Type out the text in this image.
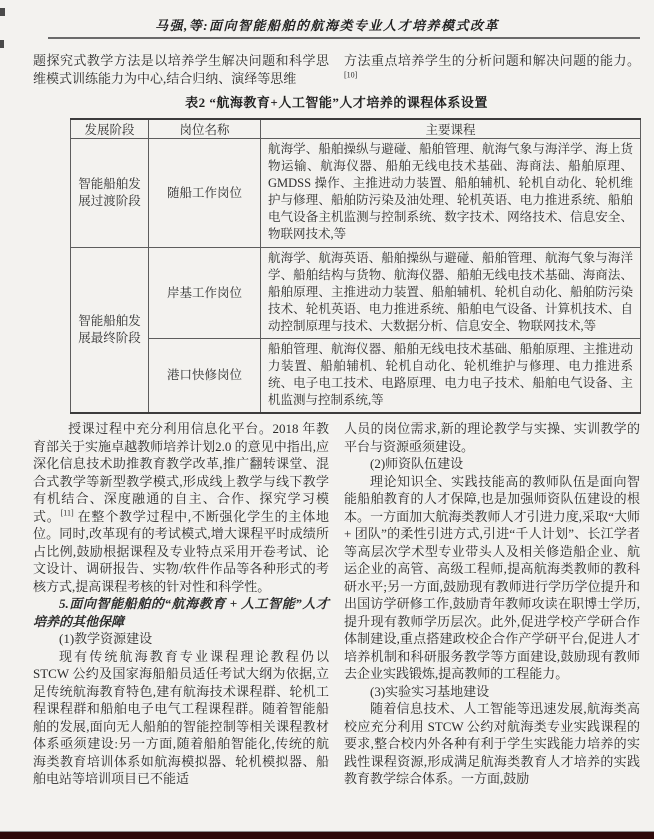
马强,等:面向智能船舶的航海类专业人才培养模式改革

题探究式教学方法是以培养学生解决问题和科学思维模式训练能力为中心,结合归纳、演绎等思维

方法重点培养学生的分析问题和解决问题的能力。[10]

表2 “航海教育+人工智能”人才培养的课程体系设置
发展阶段	岗位名称	主要课程
智能船舶发展过渡阶段	随船工作岗位	航海学、船舶操纵与避碰、船舶管理、航海气象与海洋学、海上货物运输、航海仪器、船舶无线电技术基础、海商法、船舶原理、GMDSS 操作、主推进动力装置、船舶辅机、轮机自动化、轮机维护与修理、船舶防污染及油处理、轮机英语、电力推进系统、船舶电气设备主机监测与控制系统、数字技术、网络技术、信息安全、物联网技术,等
智能船舶发展最终阶段	岸基工作岗位	航海学、航海英语、船舶操纵与避碰、船舶管理、航海气象与海洋学、船舶结构与货物、航海仪器、船舶无线电技术基础、海商法、船舶原理、主推进动力装置、船舶辅机、轮机自动化、船舶防污染技术、轮机英语、电力推进系统、船舶电气设备、计算机技术、自动控制原理与技术、大数据分析、信息安全、物联网技术,等
	港口快修岗位	船舶管理、航海仪器、船舶无线电技术基础、船舶原理、主推进动力装置、船舶辅机、轮机自动化、轮机维护与修理、电力推进系统、电子电工技术、电路原理、电力电子技术、船舶电气设备、主机监测与控制系统,等

授课过程中充分利用信息化平台。2018 年教育部关于实施卓越教师培养计划2.0 的意见中指出,应深化信息技术助推教育教学改革,推广翻转课堂、混合式教学等新型教学模式,形成线上教学与线下教学有机结合、深度融通的自主、合作、探究学习模式。[11] 在整个教学过程中,不断强化学生的主体地位。同时,改革现有的考试模式,增大课程平时成绩所占比例,鼓励根据课程及专业特点采用开卷考试、论文设计、调研报告、实物/软件作品等各种形式的考核方式,提高课程考核的针对性和科学性。

5.面向智能船舶的“航海教育 + 人工智能”人才培养的其他保障

(1)教学资源建设

现有传统航海教育专业课程理论教程仍以STCW 公约及国家海船船员适任考试大纲为依据,立足传统航海教育特色,建有航海技术课程群、轮机工程课程群和船舶电子电气工程课程群。随着智能船舶的发展,面向无人船舶的智能控制等相关课程教材体系亟须建设:另一方面,随着船舶智能化,传统的航海类教育培训体系如航海模拟器、轮机模拟器、船舶电站等培训项目已不能适

人员的岗位需求,新的理论教学与实操、实训教学的平台与资源亟须建设。

(2)师资队伍建设

理论知识全、实践技能高的教师队伍是面向智能船舶教育的人才保障,也是加强师资队伍建设的根本。一方面加大航海类教师人才引进力度,采取“大师 + 团队”的柔性引进方式,引进“千人计划”、长江学者等高层次学术型专业带头人及相关修造船企业、航运企业的高管、高级工程师,提高航海类教师的教科研水平;另一方面,鼓励现有教师进行学历学位提升和出国访学研修工作,鼓励青年教师攻读在职博士学历,提升现有教师学历层次。此外,促进学校产学研合作体制建设,重点搭建政校企合作产学研平台,促进人才培养机制和科研服务教学等方面建设,鼓励现有教师去企业实践锻炼,提高教师的工程能力。

(3)实验实习基地建设

随着信息技术、人工智能等迅速发展,航海类高校应充分利用 STCW 公约对航海类专业实践课程的要求,整合校内外各种有利于学生实践能力培养的实践性课程资源,形成满足航海类教育人才培养的实践教育教学综合体系。一方面,鼓励
